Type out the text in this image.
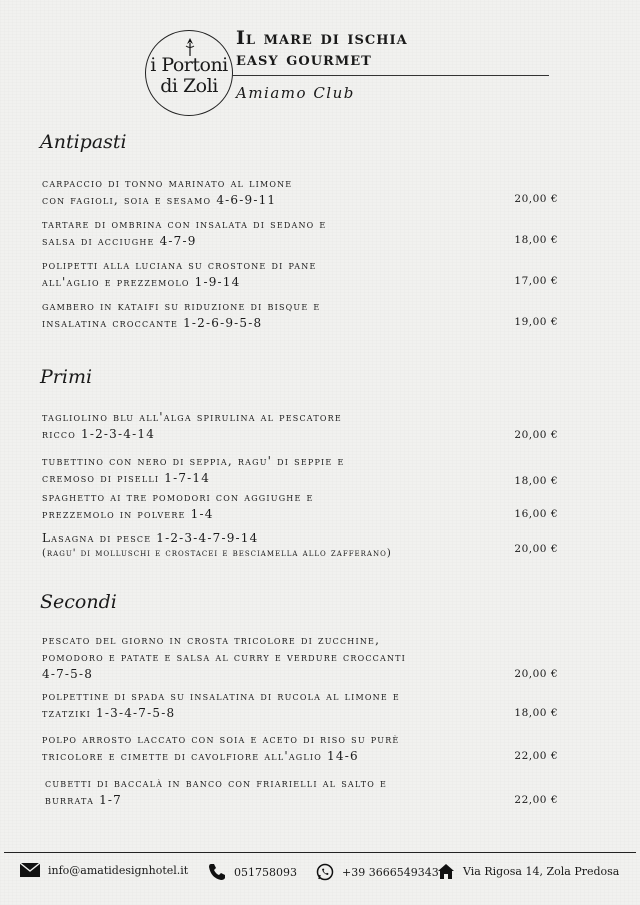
i Portoni
di Zoli
Il mare di ischia
easy gourmet
Amiamo Club
Antipasti
carpaccio di tonno marinato al limone
con fagioli, soia e sesamo 4-6-9-11	20,00 €
tartare di ombrina con insalata di sedano e
salsa di acciughe 4-7-9	18,00 €
polipetti alla luciana su crostone di pane
all'aglio e prezzemolo 1-9-14	17,00 €
gambero in kataifi su riduzione di bisque e
insalatina croccante 1-2-6-9-5-8	19,00 €
Primi
tagliolino blu all'alga spirulina al pescatore
ricco 1-2-3-4-14	20,00 €
tubettino con nero di seppia, ragu' di seppie e
cremoso di piselli 1-7-14	18,00 €
spaghetto ai tre pomodori con aggiughe e
prezzemolo in polvere 1-4	16,00 €
Lasagna di pesce 1-2-3-4-7-9-14
(ragu' di molluschi e crostacei e besciamella allo zafferano)	20,00 €
Secondi
pescato del giorno in crosta tricolore di zucchine,
pomodoro e patate e salsa al curry e verdure croccanti
4-7-5-8	20,00 €
polpettine di spada su insalatina di rucola al limone e
tzatziki 1-3-4-7-5-8	18,00 €
polpo arrosto laccato con soia e aceto di riso su purè
tricolore e cimette di cavolfiore all'aglio 14-6	22,00 €
cubetti di baccalà in banco con friarielli al salto e
burrata 1-7	22,00 €
info@amatidesignhotel.it	051758093	+39 3666549343 Via Rigosa 14, Zola Predosa
